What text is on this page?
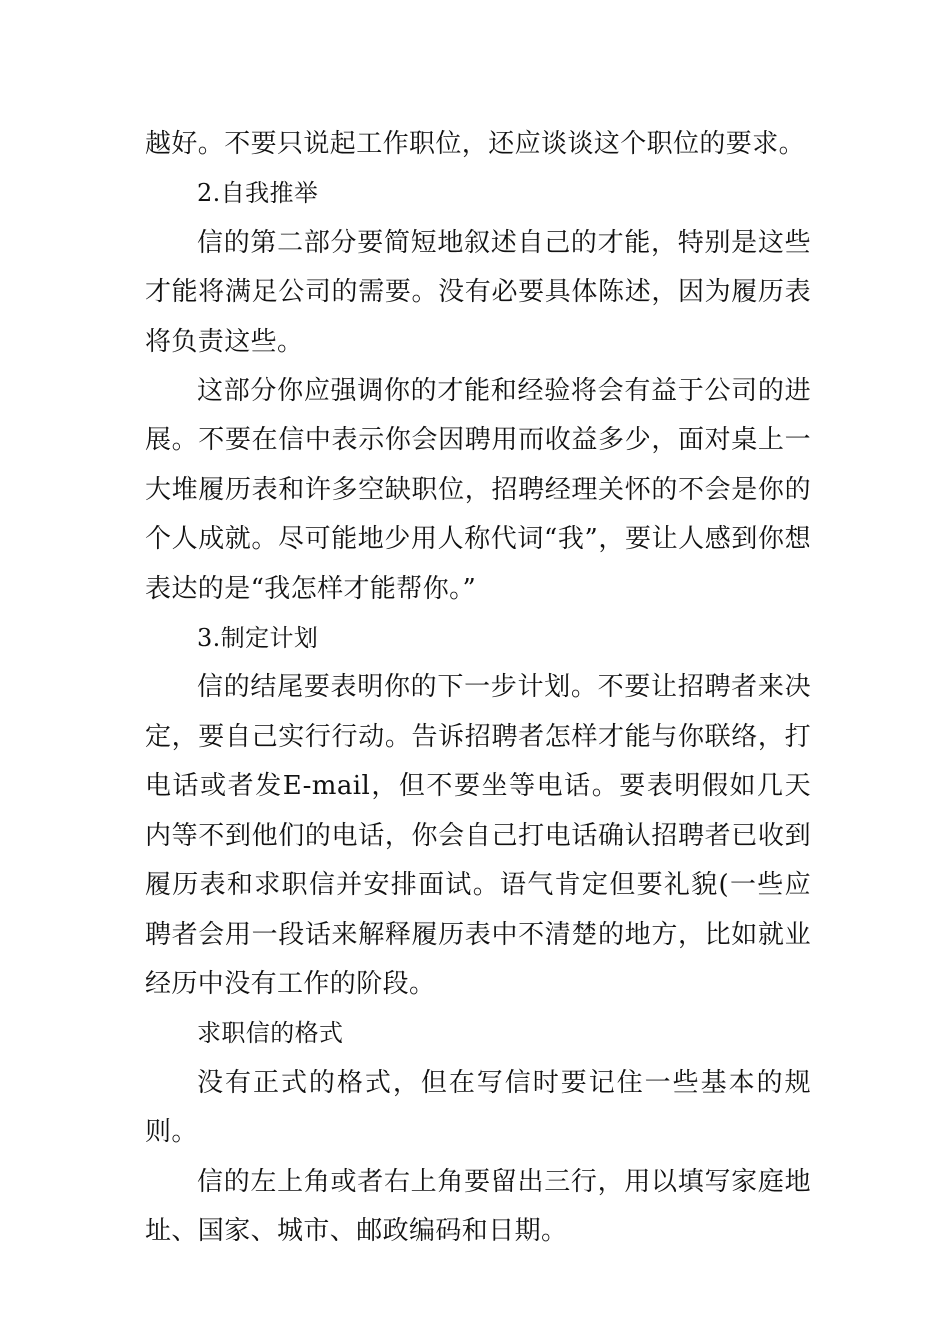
越好。不要只说起工作职位，还应谈谈这个职位的要求。

2.自我推举

信的第二部分要简短地叙述自己的才能，特别是这些才能将满足公司的需要。没有必要具体陈述，因为履历表将负责这些。

这部分你应强调你的才能和经验将会有益于公司的进展。不要在信中表示你会因聘用而收益多少，面对桌上一大堆履历表和许多空缺职位，招聘经理关怀的不会是你的个人成就。尽可能地少用人称代词“我”，要让人感到你想表达的是“我怎样才能帮你。”

3.制定计划

信的结尾要表明你的下一步计划。不要让招聘者来决定，要自己实行行动。告诉招聘者怎样才能与你联络，打电话或者发E-mail，但不要坐等电话。要表明假如几天内等不到他们的电话，你会自己打电话确认招聘者已收到履历表和求职信并安排面试。语气肯定但要礼貌(一些应聘者会用一段话来解释履历表中不清楚的地方，比如就业经历中没有工作的阶段。

求职信的格式

没有正式的格式，但在写信时要记住一些基本的规则。

信的左上角或者右上角要留出三行，用以填写家庭地址、国家、城市、邮政编码和日期。
